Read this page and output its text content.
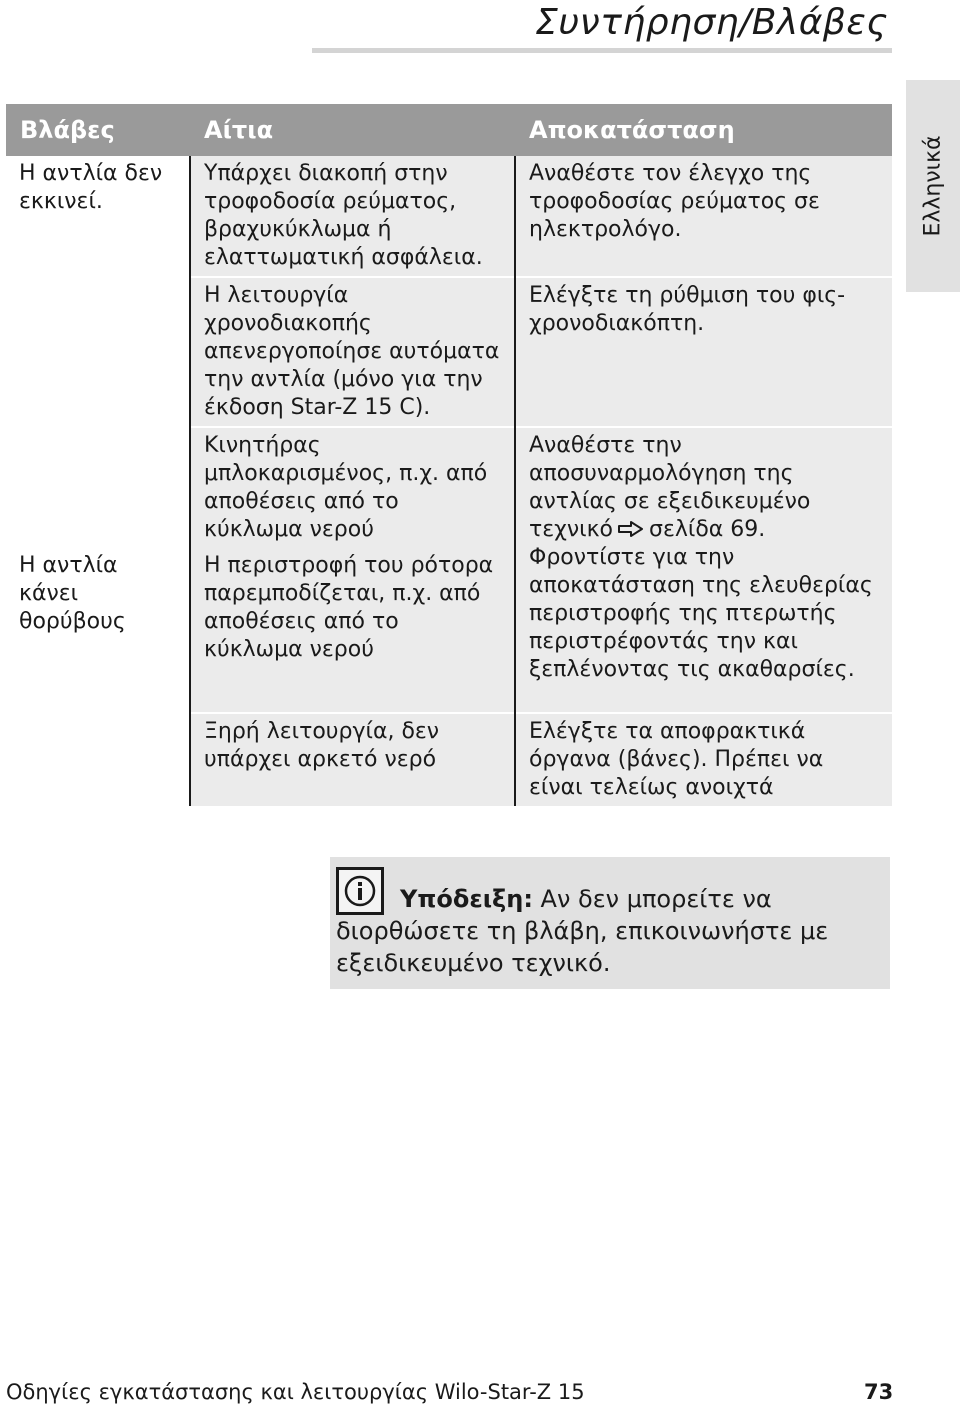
Συντήρηση/Βλάβες
Ελληνικά
Βλάβες	Αίτια	Αποκατάσταση
Η αντλία δεν εκκινεί.	Υπάρχει διακοπή στην τροφοδοσία ρεύματος, βραχυκύκλωμα ή ελαττωματική ασφάλεια.	Αναθέστε τον έλεγχο της τροφοδοσίας ρεύματος σε ηλεκτρολόγο.
	Η λειτουργία χρονοδιακοπής απενεργοποίησε αυτόματα την αντλία (μόνο για την έκδοση Star-Z 15 C).	Ελέγξτε τη ρύθμιση του φις-χρονοδιακόπτη.
	Κινητήρας μπλοκαρισμένος, π.χ. από αποθέσεις από το κύκλωμα νερού	Αναθέστε την αποσυναρμολόγηση της αντλίας σε εξειδικευμένο τεχνικό σελίδα 69. Φροντίστε για την αποκατάσταση της ελευθερίας περιστροφής της πτερωτής περιστρέφοντάς την και ξεπλένοντας τις ακαθαρσίες.
Η αντλία κάνει θορύβους	Η περιστροφή του ρότορα παρεμποδίζεται, π.χ. από αποθέσεις από το κύκλωμα νερού	
	Ξηρή λειτουργία, δεν υπάρχει αρκετό νερό	Ελέγξτε τα αποφρακτικά όργανα (βάνες). Πρέπει να είναι τελείως ανοιχτά
Υπόδειξη: Αν δεν μπορείτε να διορθώσετε τη βλάβη, επικοινωνήστε με εξειδικευμένο τεχνικό.
Οδηγίες εγκατάστασης και λειτουργίας Wilo-Star-Z 15	73
